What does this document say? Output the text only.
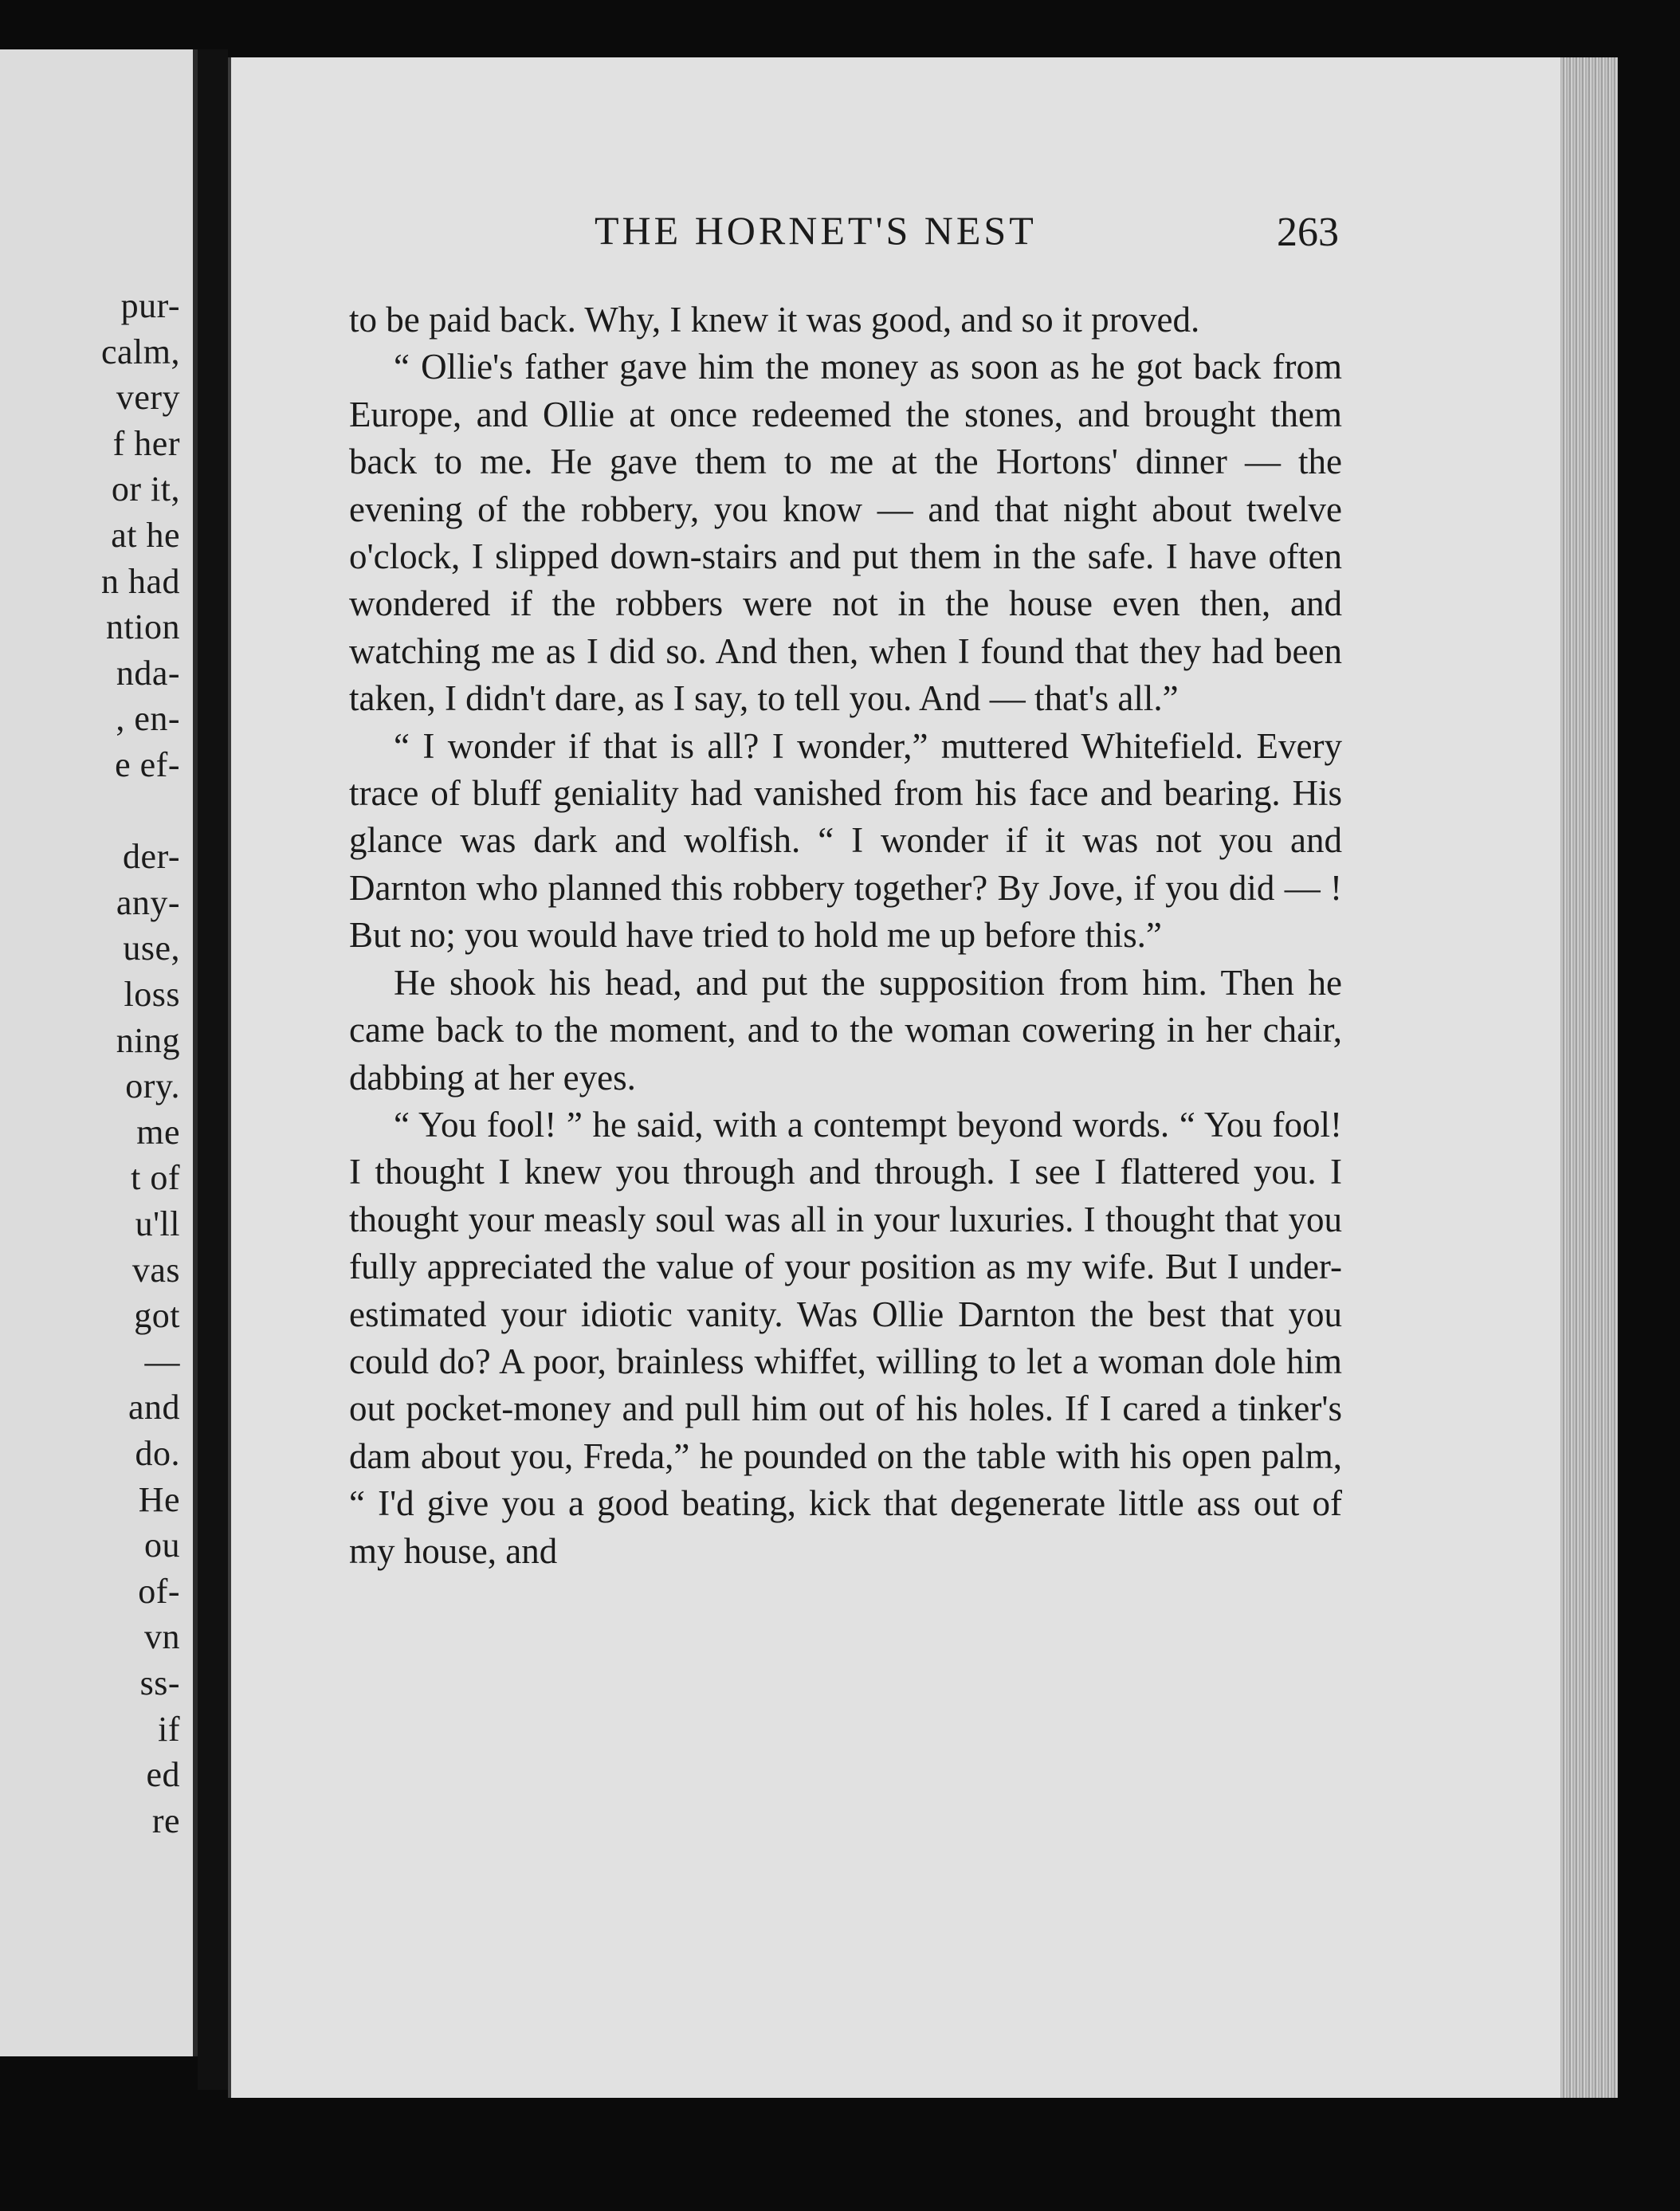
pur-
calm,
very
f her
or it,
at he
n had
ntion
nda-
, en-
e ef-
der-
any-
use,
loss
ning
ory.
me
t of
u'll
vas
got
—
and
do.
He
ou
of-
vn
ss-
if
ed
re
THE HORNET'S NEST	263

to be paid back. Why, I knew it was good, and so it proved.

“ Ollie's father gave him the money as soon as he got back from Europe, and Ollie at once redeemed the stones, and brought them back to me. He gave them to me at the Hortons' dinner — the evening of the robbery, you know — and that night about twelve o'clock, I slipped down-stairs and put them in the safe. I have often wondered if the robbers were not in the house even then, and watching me as I did so. And then, when I found that they had been taken, I didn't dare, as I say, to tell you. And — that's all.”

“ I wonder if that is all? I wonder,” muttered Whitefield. Every trace of bluff geniality had vanished from his face and bearing. His glance was dark and wolfish. “ I wonder if it was not you and Darnton who planned this robbery together? By Jove, if you did — ! But no; you would have tried to hold me up before this.”

He shook his head, and put the supposition from him. Then he came back to the moment, and to the woman cowering in her chair, dabbing at her eyes.

“ You fool! ” he said, with a contempt beyond words. “ You fool! I thought I knew you through and through. I see I flattered you. I thought your measly soul was all in your luxuries. I thought that you fully appreciated the value of your position as my wife. But I under-estimated your idiotic vanity. Was Ollie Darnton the best that you could do? A poor, brainless whiffet, willing to let a woman dole him out pocket-money and pull him out of his holes. If I cared a tinker's dam about you, Freda,” he pounded on the table with his open palm, “ I'd give you a good beating, kick that degenerate little ass out of my house, and
